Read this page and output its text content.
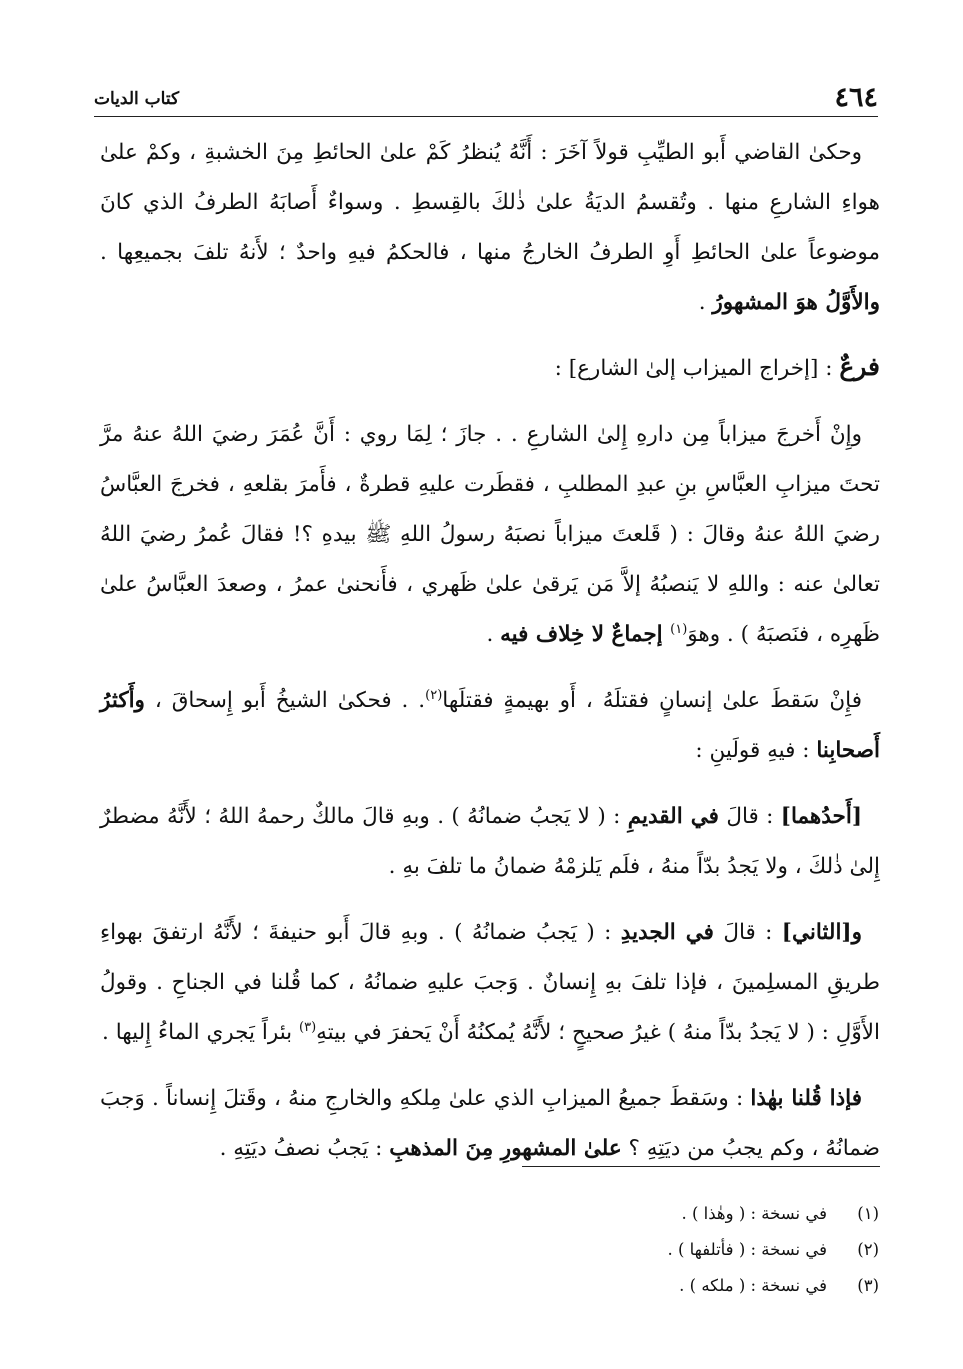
٤٦٤
كتاب الديات

وحكىٰ القاضي أَبو الطيِّبِ قولاً آخَرَ : أَنَّهُ يُنظرُ كَمْ علىٰ الحائطِ مِنَ الخشبةِ ، وكمْ علىٰ هواءِ الشارعِ منها . وتُقسمُ الديَةُ علىٰ ذٰلكَ بالقِسطِ . وسواءٌ أَصابَهُ الطرفُ الذي كانَ موضوعاً علىٰ الحائطِ أَوِ الطرفُ الخارجُ منها ، فالحكمُ فيهِ واحدٌ ؛ لأَنهُ تلفَ بجميعِها . والأَوَّلُ هوَ المشهورُ .

فرعٌ : [إخراج الميزاب إلىٰ الشارع] :

وإِنْ أَخرجَ ميزاباً مِن دارهِ إِلىٰ الشارعِ . . جازَ ؛ لِمَا روي : أَنَّ عُمَرَ رضيَ اللهُ عنهُ مرَّ تحتَ ميزابِ العبَّاسِ بنِ عبدِ المطلبِ ، فقطَرت عليهِ قطرةٌ ، فأَمرَ بقلعهِ ، فخرجَ العبَّاسُ رضيَ اللهُ عنهُ وقالَ : ( قَلعتَ ميزاباً نصبَهُ رسولُ اللهِ ﷺ بيدهِ ؟! فقالَ عُمرُ رضيَ اللهُ تعالىٰ عنه : واللهِ لا يَنصبُهُ إلاَّ مَن يَرقىٰ علىٰ ظَهري ، فأَنحنىٰ عمرُ ، وصعدَ العبَّاسُ علىٰ ظَهرِه ، فنَصبَهُ ) . وهوَ$^{(١)}$ إجماعٌ لا خِلاف فيه .

فإِنْ سَقطَ علىٰ إنسانٍ فقتلَهُ ، أَو بهيمةٍ فقتلَها$^{(٢)}$. . فحكىٰ الشيخُ أَبو إِسحاقَ ، وأَكثرُ أَصحابِنا : فيهِ قولَينِ :

[أَحدُهما] : قالَ في القديمِ : ( لا يَجبُ ضمانُهُ ) . وبهِ قالَ مالكٌ رحمهُ اللهُ ؛ لأَنَّهُ مضطرٌ إِلىٰ ذٰلكَ ، ولا يَجدُ بدّاً منهُ ، فلَم يَلزمْهُ ضمانُ ما تلفَ بهِ .

و[الثاني] : قالَ في الجديدِ : ( يَجبُ ضمانُهُ ) . وبهِ قالَ أَبو حنيفةَ ؛ لأَنَّهُ ارتفقَ بهواءِ طريقِ المسلِمينَ ، فإذا تلفَ بهِ إِنسانٌ . وَجبَ عليهِ ضمانُهُ ، كما قُلنا في الجناحِ . وقولُ الأَوَّلِ : ( لا يَجدُ بدّاً منهُ ) غيرُ صحيحٍ ؛ لأَنَّهُ يُمكنُهُ أَنْ يَحفرَ في بيتهِ$^{(٣)}$ بئراً يَجري الماءُ إِليها .

فإذا قُلنا بهٰذا : وسَقطَ جميعُ الميزابِ الذي علىٰ مِلكهِ والخارجِ منهُ ، وقَتلَ إِنساناً . وَجبَ ضمانُهُ ، وكم يجبُ من ديَتِهِ ؟ علىٰ المشهورِ مِنَ المذهبِ : يَجبُ نصفُ ديَتِهِ .

(١)
في نسخة : ( وهٰذا ) .
(٢)
في نسخة : ( فأتلفها ) .
(٣)
في نسخة : ( ملكه ) .
